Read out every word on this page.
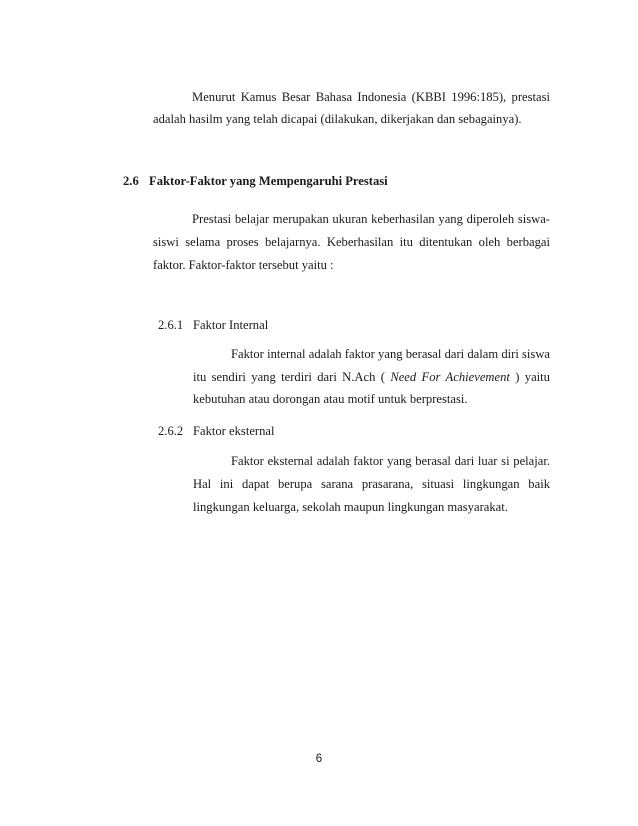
Menurut Kamus Besar Bahasa Indonesia (KBBI 1996:185), prestasi
adalah hasilm yang telah dicapai (dilakukan, dikerjakan dan sebagainya).
2.6 Faktor-Faktor yang Mempengaruhi Prestasi
Prestasi belajar merupakan ukuran keberhasilan yang diperoleh siswa-
siswi selama proses belajarnya. Keberhasilan itu ditentukan oleh berbagai
faktor. Faktor-faktor tersebut yaitu :
2.6.1 Faktor Internal
Faktor internal adalah faktor yang berasal dari dalam diri siswa
itu sendiri yang terdiri dari N.Ach ( Need For Achievement ) yaitu
kebutuhan atau dorongan atau motif untuk berprestasi.
2.6.2 Faktor eksternal
Faktor eksternal adalah faktor yang berasal dari luar si pelajar.
Hal ini dapat berupa sarana prasarana, situasi lingkungan baik
lingkungan keluarga, sekolah maupun lingkungan masyarakat.
6
